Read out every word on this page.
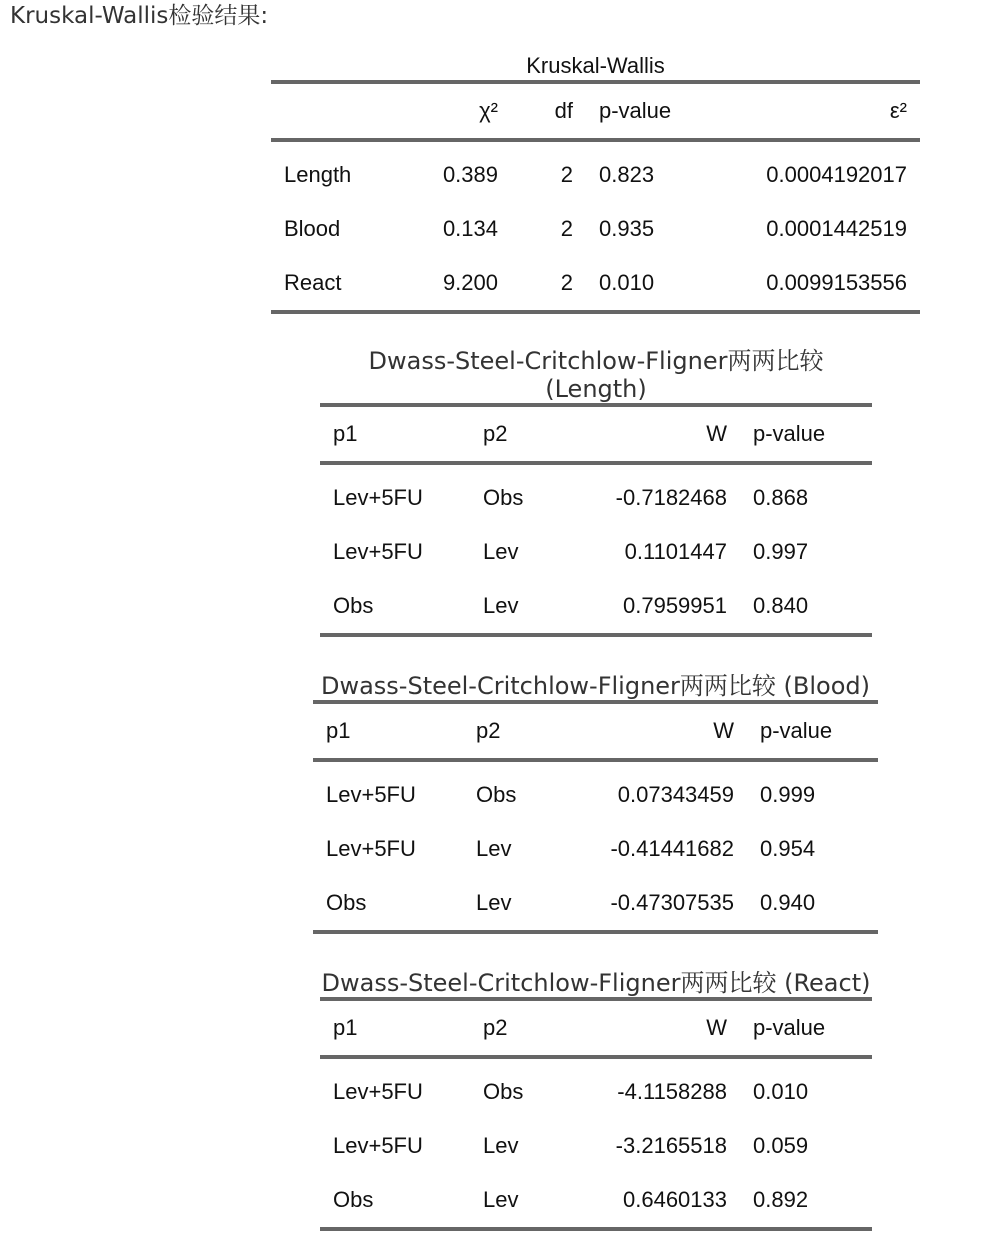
Kruskal-Wallis检验结果:
Kruskal-Wallis
	χ²	df	p-value	ε²
Length	0.389	2	0.823	0.0004192017
Blood	0.134	2	0.935	0.0001442519
React	9.200	2	0.010	0.0099153556
Dwass-Steel-Critchlow-Fligner两两比较
(Length)
p1	p2	W	p-value
Lev+5FU	Obs	-0.7182468	0.868
Lev+5FU	Lev	0.1101447	0.997
Obs	Lev	0.7959951	0.840
Dwass-Steel-Critchlow-Fligner两两比较 (Blood)
p1	p2	W	p-value
Lev+5FU	Obs	0.07343459	0.999
Lev+5FU	Lev	-0.41441682	0.954
Obs	Lev	-0.47307535	0.940
Dwass-Steel-Critchlow-Fligner两两比较 (React)
p1	p2	W	p-value
Lev+5FU	Obs	-4.1158288	0.010
Lev+5FU	Lev	-3.2165518	0.059
Obs	Lev	0.6460133	0.892
